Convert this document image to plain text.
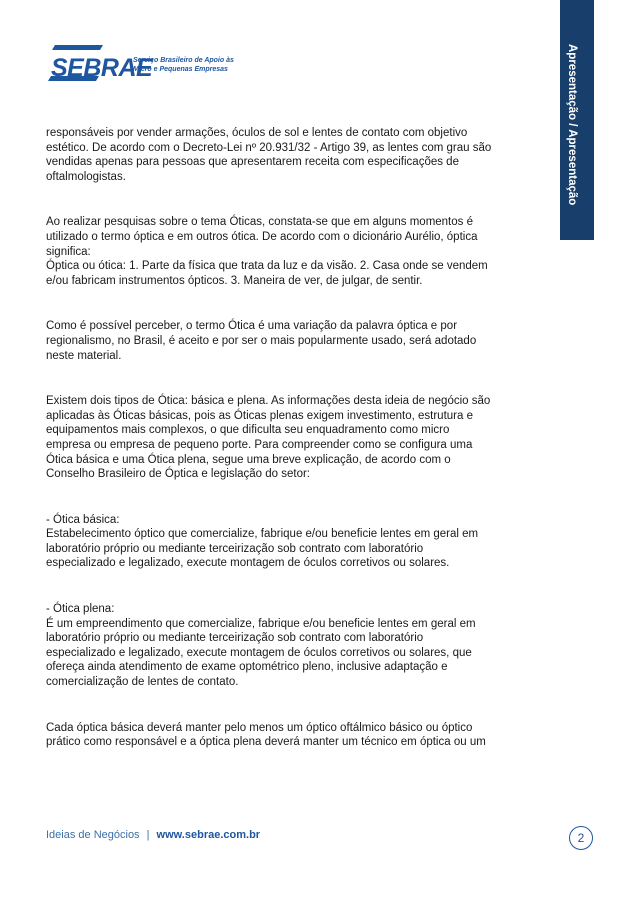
SEBRAE
Serviço Brasileiro de Apoio às
Micro e Pequenas Empresas	Apresentação / Apresentação

responsáveis por vender armações, óculos de sol e lentes de contato com objetivo
estético. De acordo com o Decreto-Lei nº 20.931/32 - Artigo 39, as lentes com grau são
vendidas apenas para pessoas que apresentarem receita com especificações de
oftalmologistas.

Ao realizar pesquisas sobre o tema Óticas, constata-se que em alguns momentos é
utilizado o termo óptica e em outros ótica. De acordo com o dicionário Aurélio, óptica
significa:
Óptica ou ótica: 1. Parte da física que trata da luz e da visão. 2. Casa onde se vendem
e/ou fabricam instrumentos ópticos. 3. Maneira de ver, de julgar, de sentir.

Como é possível perceber, o termo Ótica é uma variação da palavra óptica e por
regionalismo, no Brasil, é aceito e por ser o mais popularmente usado, será adotado
neste material.

Existem dois tipos de Ótica: básica e plena. As informações desta ideia de negócio são
aplicadas às Óticas básicas, pois as Óticas plenas exigem investimento, estrutura e
equipamentos mais complexos, o que dificulta seu enquadramento como micro
empresa ou empresa de pequeno porte. Para compreender como se configura uma
Ótica básica e uma Ótica plena, segue uma breve explicação, de acordo com o
Conselho Brasileiro de Óptica e legislação do setor:

- Ótica básica:
Estabelecimento óptico que comercialize, fabrique e/ou beneficie lentes em geral em
laboratório próprio ou mediante terceirização sob contrato com laboratório
especializado e legalizado, execute montagem de óculos corretivos ou solares.

- Ótica plena:
É um empreendimento que comercialize, fabrique e/ou beneficie lentes em geral em
laboratório próprio ou mediante terceirização sob contrato com laboratório
especializado e legalizado, execute montagem de óculos corretivos ou solares, que
ofereça ainda atendimento de exame optométrico pleno, inclusive adaptação e
comercialização de lentes de contato.

Cada óptica básica deverá manter pelo menos um óptico oftálmico básico ou óptico
prático como responsável e a óptica plena deverá manter um técnico em óptica ou um

Ideias de Negócios | www.sebrae.com.br	2
